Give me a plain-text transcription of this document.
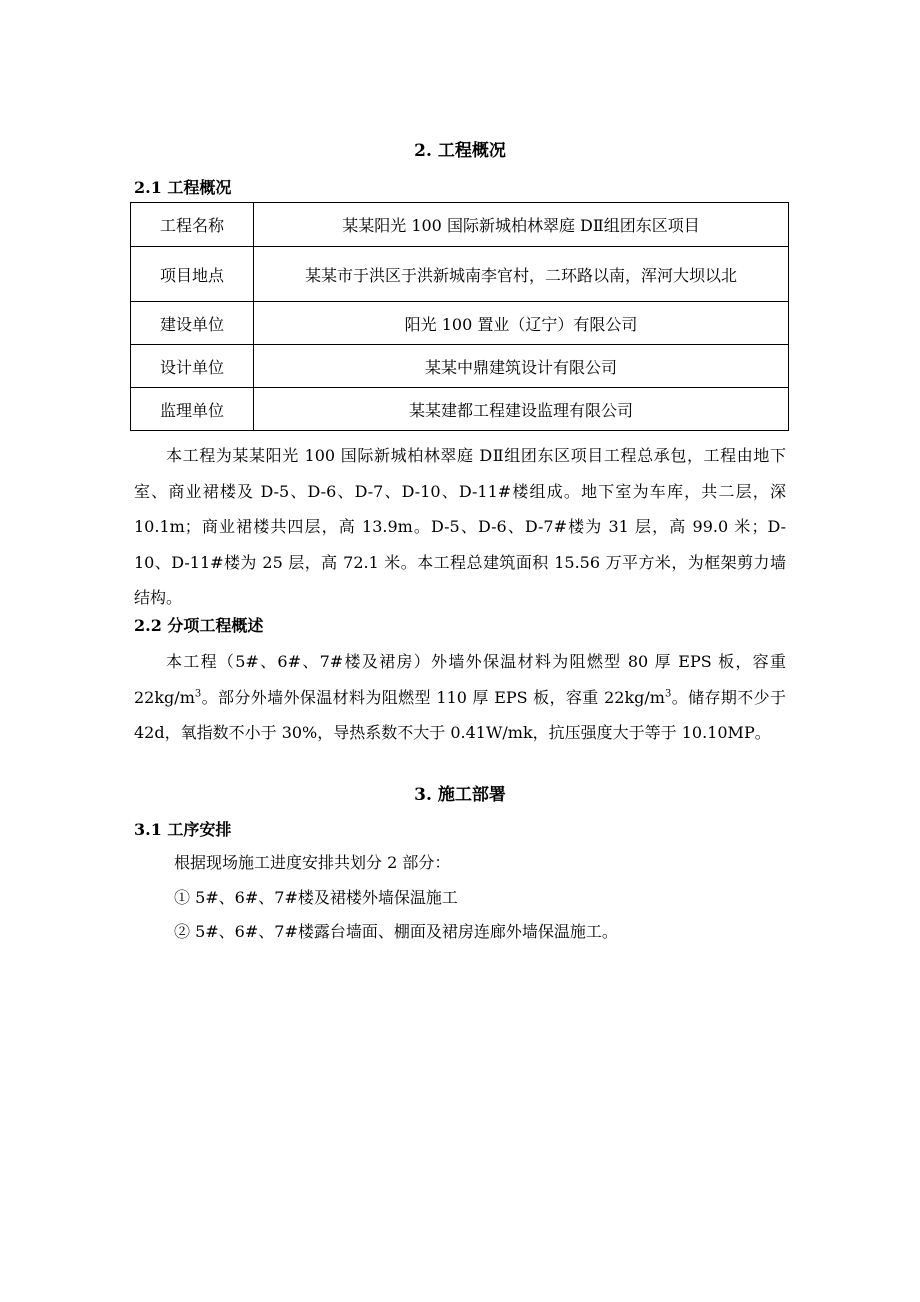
2. 工程概况
2.1 工程概况
工程名称	某某阳光 100 国际新城柏林翠庭 DⅡ组团东区项目
项目地点	某某市于洪区于洪新城南李官村，二环路以南，浑河大坝以北
建设单位	阳光 100 置业（辽宁）有限公司
设计单位	某某中鼎建筑设计有限公司
监理单位	某某建都工程建设监理有限公司

本工程为某某阳光 100 国际新城柏林翠庭 DⅡ组团东区项目工程总承包，工程由地下室、商业裙楼及 D-5、D-6、D-7、D-10、D-11#楼组成。地下室为车库，共二层，深 10.1m；商业裙楼共四层，高 13.9m。D-5、D-6、D-7#楼为 31 层，高 99.0 米；D-10、D-11#楼为 25 层，高 72.1 米。本工程总建筑面积 15.56 万平方米，为框架剪力墙结构。

2.2 分项工程概述

本工程（5#、6#、7#楼及裙房）外墙外保温材料为阻燃型 80 厚 EPS 板，容重 $22kg/m^3$。部分外墙外保温材料为阻燃型 110 厚 EPS 板，容重 $22kg/m^3$。储存期不少于 42d，氧指数不小于 30%，导热系数不大于 0.41W/mk，抗压强度大于等于 10.10MP。

3. 施工部署
3.1 工序安排

根据现场施工进度安排共划分 2 部分：

① 5#、6#、7#楼及裙楼外墙保温施工

② 5#、6#、7#楼露台墙面、棚面及裙房连廊外墙保温施工。
